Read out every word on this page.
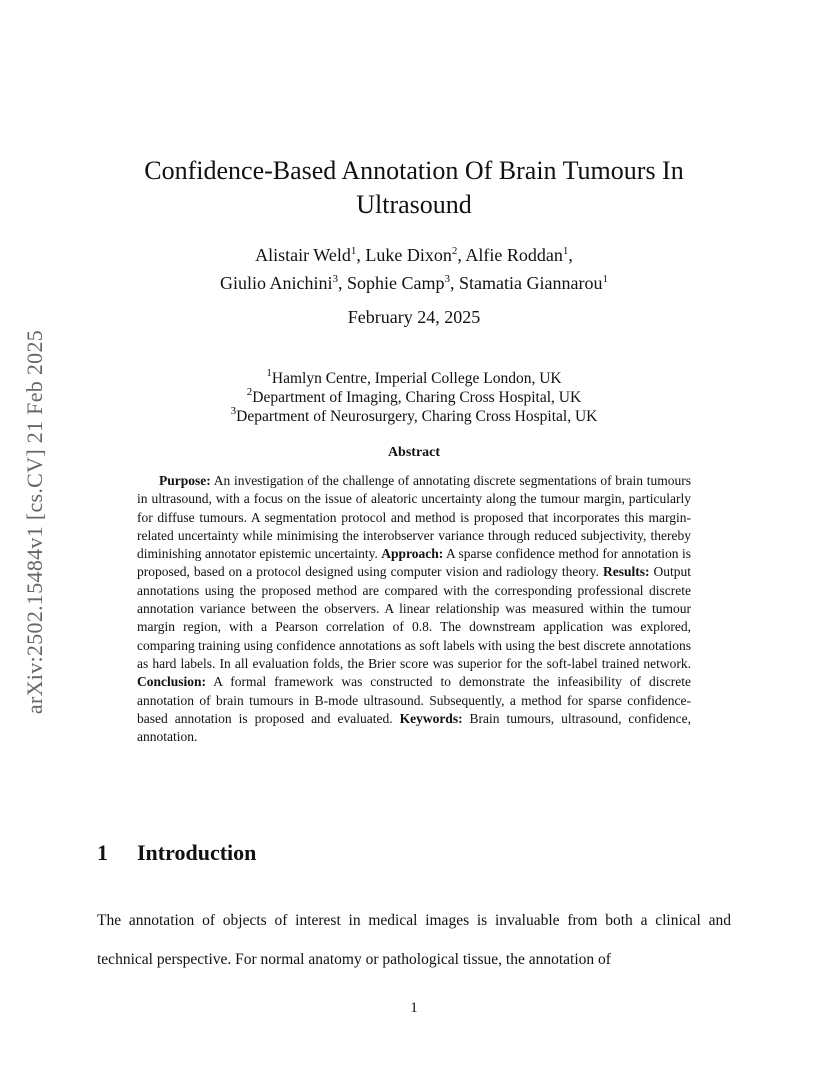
arXiv:2502.15484v1 [cs.CV] 21 Feb 2025
Confidence-Based Annotation Of Brain Tumours In Ultrasound
Alistair Weld$^1$, Luke Dixon$^2$, Alfie Roddan$^1$,
Giulio Anichini$^3$, Sophie Camp$^3$, Stamatia Giannarou$^1$
February 24, 2025
$^1$Hamlyn Centre, Imperial College London, UK
$^2$Department of Imaging, Charing Cross Hospital, UK
$^3$Department of Neurosurgery, Charing Cross Hospital, UK
Abstract

Purpose: An investigation of the challenge of annotating discrete segmentations of brain tumours in ultrasound, with a focus on the issue of aleatoric uncertainty along the tumour margin, particularly for diffuse tumours. A segmentation protocol and method is proposed that incorporates this margin-related uncertainty while minimising the interobserver variance through reduced subjectivity, thereby diminishing annotator epistemic uncertainty. Approach: A sparse confidence method for annotation is proposed, based on a protocol designed using computer vision and radiology theory. Results: Output annotations using the proposed method are compared with the corresponding professional discrete annotation variance between the observers. A linear relationship was measured within the tumour margin region, with a Pearson correlation of 0.8. The downstream application was explored, comparing training using confidence annotations as soft labels with using the best discrete annotations as hard labels. In all evaluation folds, the Brier score was superior for the soft-label trained network. Conclusion: A formal framework was constructed to demonstrate the infeasibility of discrete annotation of brain tumours in B-mode ultrasound. Subsequently, a method for sparse confidence-based annotation is proposed and evaluated. Keywords: Brain tumours, ultrasound, confidence, annotation.

1 Introduction

The annotation of objects of interest in medical images is invaluable from both a clinical and technical perspective. For normal anatomy or pathological tissue, the annotation of

1
